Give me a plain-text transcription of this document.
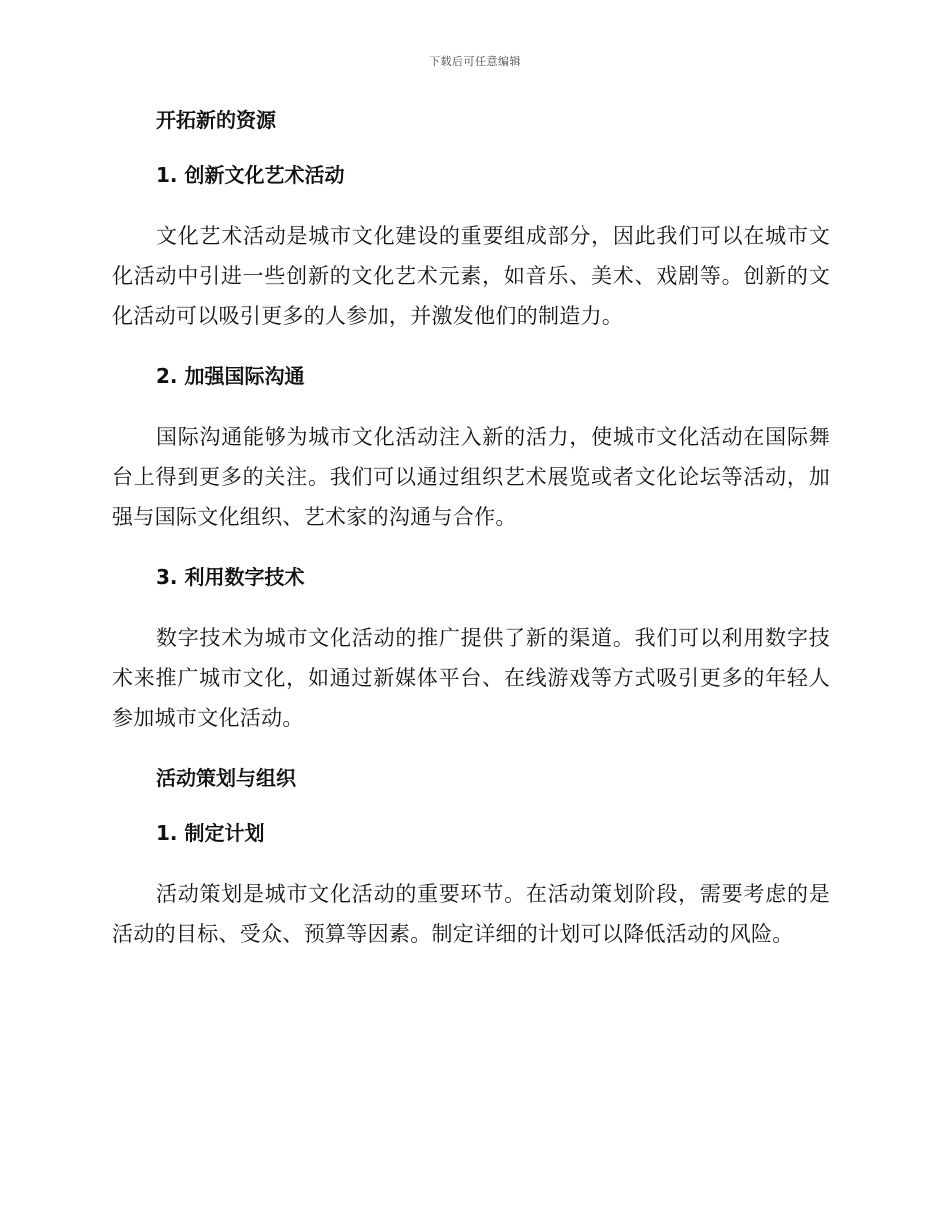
下载后可任意编辑
开拓新的资源
1. 创新文化艺术活动

文化艺术活动是城市文化建设的重要组成部分，因此我们可以在城市文化活动中引进一些创新的文化艺术元素，如音乐、美术、戏剧等。创新的文化活动可以吸引更多的人参加，并激发他们的制造力。

2. 加强国际沟通

国际沟通能够为城市文化活动注入新的活力，使城市文化活动在国际舞台上得到更多的关注。我们可以通过组织艺术展览或者文化论坛等活动，加强与国际文化组织、艺术家的沟通与合作。

3. 利用数字技术

数字技术为城市文化活动的推广提供了新的渠道。我们可以利用数字技术来推广城市文化，如通过新媒体平台、在线游戏等方式吸引更多的年轻人参加城市文化活动。

活动策划与组织
1. 制定计划

活动策划是城市文化活动的重要环节。在活动策划阶段，需要考虑的是活动的目标、受众、预算等因素。制定详细的计划可以降低活动的风险。
